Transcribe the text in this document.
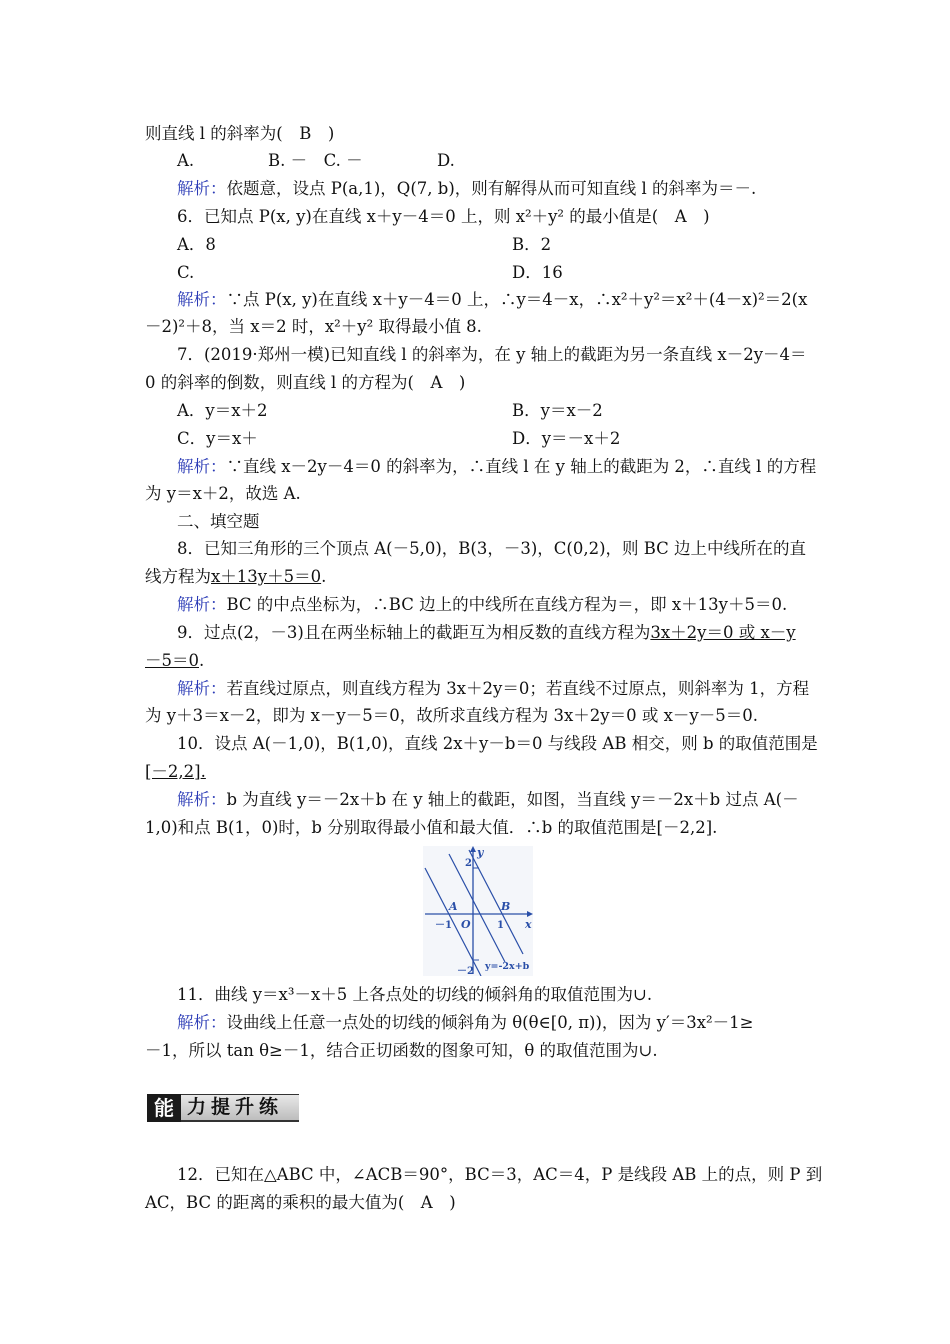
则直线 l 的斜率为(　B　)
A.	B. －　C. －	D.
解析：依题意，设点 P(a,1)，Q(7, b)，则有解得从而可知直线 l 的斜率为＝－.
6．已知点 P(x, y)在直线 x＋y－4＝0 上，则 x²＋y² 的最小值是(　A　)
A．8	B．2
C.	D．16
解析：∵点 P(x, y)在直线 x＋y－4＝0 上，∴y＝4－x，∴x²＋y²＝x²＋(4－x)²＝2(x
－2)²＋8，当 x＝2 时，x²＋y² 取得最小值 8.
7．(2019·郑州一模)已知直线 l 的斜率为，在 y 轴上的截距为另一条直线 x－2y－4＝
0 的斜率的倒数，则直线 l 的方程为(　A　)
A．y＝x＋2	B．y＝x－2
C．y＝x＋	D．y＝－x＋2
解析：∵直线 x－2y－4＝0 的斜率为，∴直线 l 在 y 轴上的截距为 2，∴直线 l 的方程
为 y＝x＋2，故选 A.
二、填空题
8．已知三角形的三个顶点 A(－5,0)，B(3，－3)，C(0,2)，则 BC 边上中线所在的直
线方程为x＋13y＋5＝0.
解析：BC 的中点坐标为，∴BC 边上的中线所在直线方程为＝，即 x＋13y＋5＝0.
9．过点(2，－3)且在两坐标轴上的截距互为相反数的直线方程为3x＋2y＝0 或 x－y
－5＝0.
解析：若直线过原点，则直线方程为 3x＋2y＝0；若直线不过原点，则斜率为 1，方程
为 y＋3＝x－2，即为 x－y－5＝0，故所求直线方程为 3x＋2y＝0 或 x－y－5＝0.
10．设点 A(－1,0)，B(1,0)，直线 2x＋y－b＝0 与线段 AB 相交，则 b 的取值范围是
[－2,2].
解析：b 为直线 y＝－2x＋b 在 y 轴上的截距，如图，当直线 y＝－2x＋b 过点 A(－
1,0)和点 B(1，0)时，b 分别取得最小值和最大值．∴b 的取值范围是[－2,2].
y
x
O
A	B
－1	1
2
－2 y=-2x+b
11．曲线 y＝x³－x＋5 上各点处的切线的倾斜角的取值范围为∪.
解析：设曲线上任意一点处的切线的倾斜角为 θ(θ∈[0, π))，因为 y′＝3x²－1≥
－1，所以 tan θ≥－1，结合正切函数的图象可知，θ 的取值范围为∪.
能 力提升练
12．已知在△ABC 中，∠ACB＝90°，BC＝3，AC＝4，P 是线段 AB 上的点，则 P 到
AC，BC 的距离的乘积的最大值为(　A　)
